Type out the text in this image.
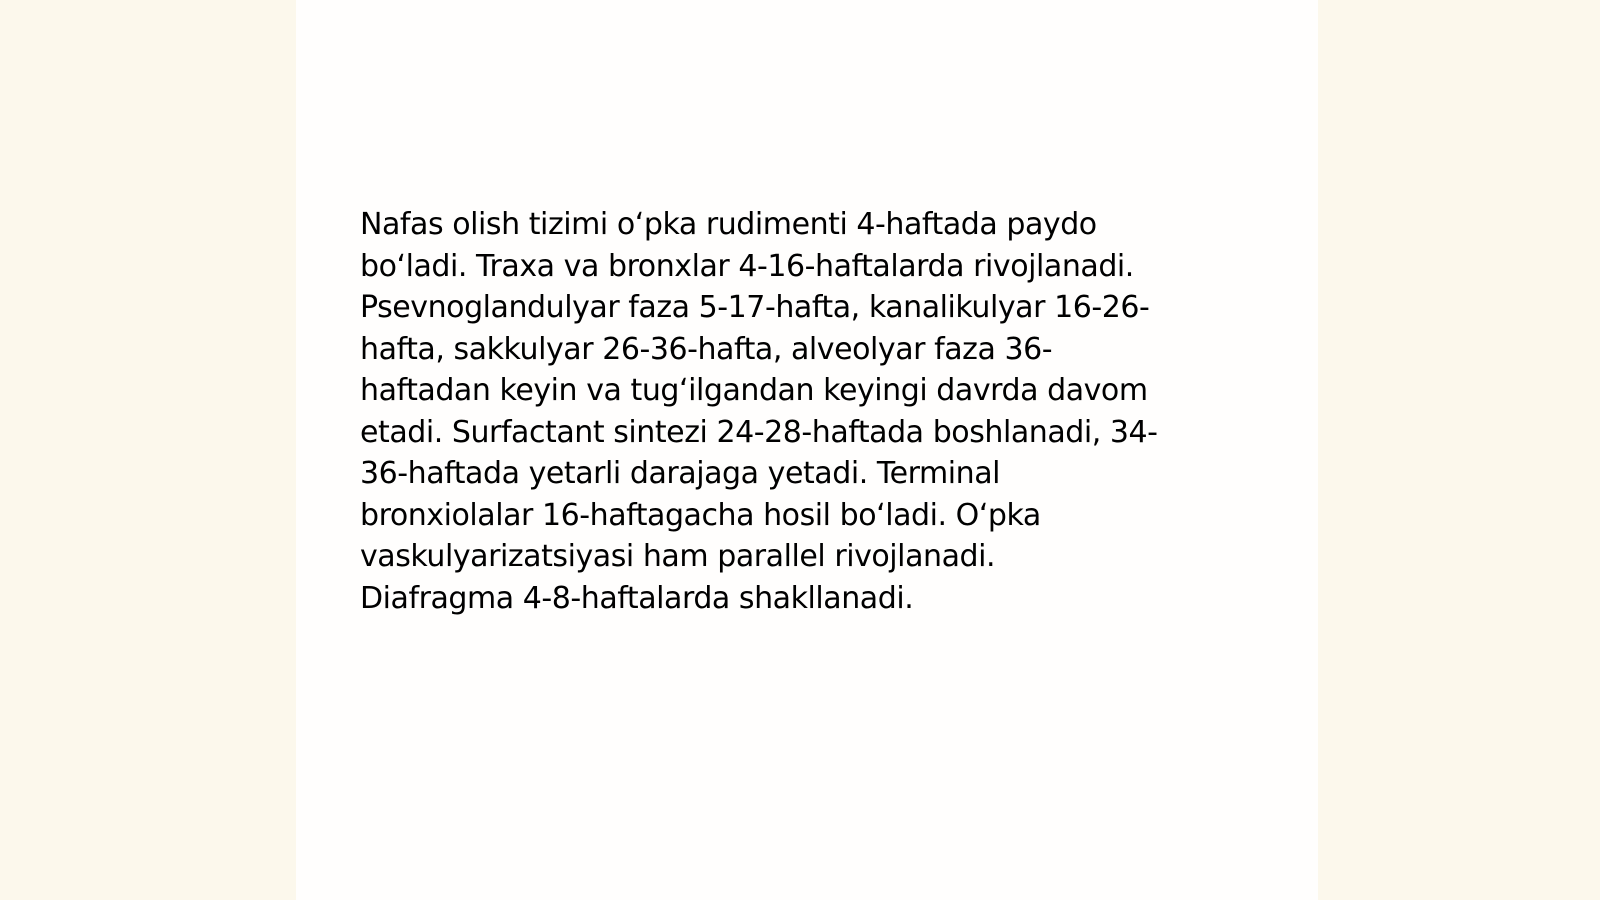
Nafas olish tizimi o‘pka rudimenti 4-haftada paydo
bo‘ladi. Traxa va bronxlar 4-16-haftalarda rivojlanadi.
Psevnoglandulyar faza 5-17-hafta, kanalikulyar 16-26-
hafta, sakkulyar 26-36-hafta, alveolyar faza 36-
haftadan keyin va tug‘ilgandan keyingi davrda davom
etadi. Surfactant sintezi 24-28-haftada boshlanadi, 34-
36-haftada yetarli darajaga yetadi. Terminal
bronxiolalar 16-haftagacha hosil bo‘ladi. O‘pka
vaskulyarizatsiyasi ham parallel rivojlanadi.
Diafragma 4-8-haftalarda shakllanadi.
